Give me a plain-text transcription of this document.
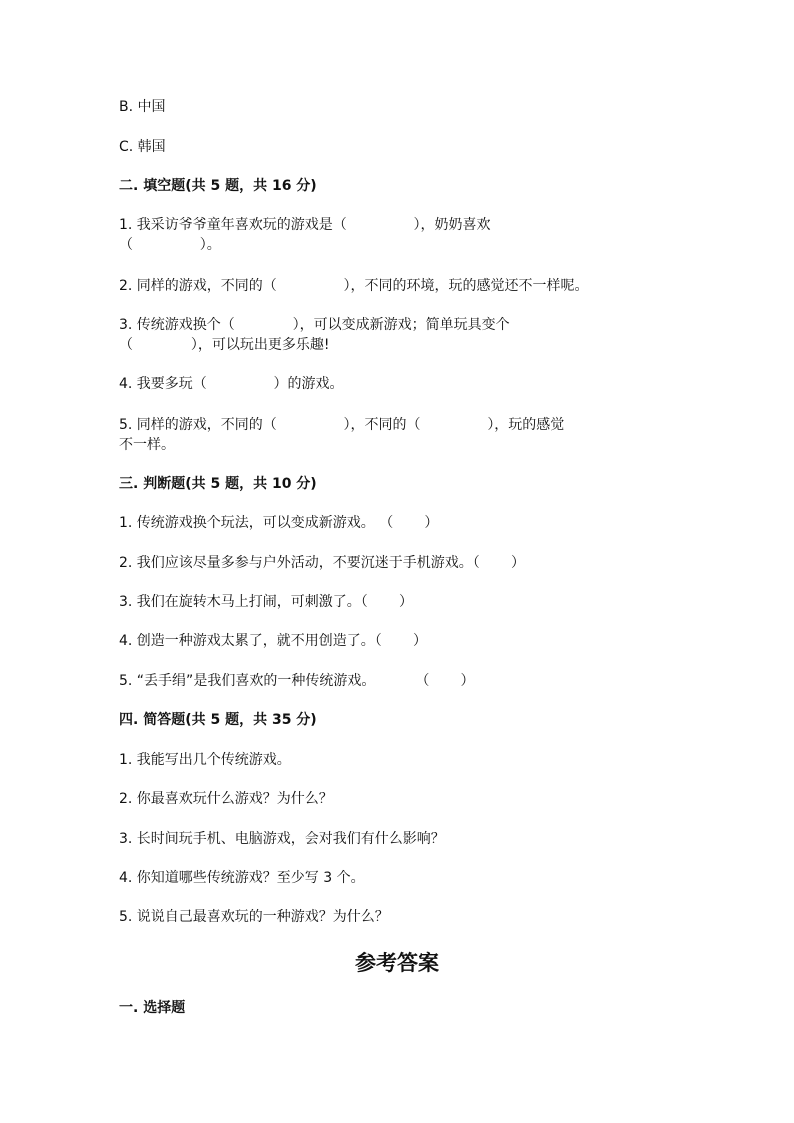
B. 中国
C. 韩国
二. 填空题(共 5 题，共 16 分)
1. 我采访爷爷童年喜欢玩的游戏是（               ），奶奶喜欢
（               ）。
2. 同样的游戏，不同的（               ），不同的环境，玩的感觉还不一样呢。
3. 传统游戏换个（             ），可以变成新游戏；简单玩具变个
（             ），可以玩出更多乐趣!
4. 我要多玩（               ）的游戏。
5. 同样的游戏，不同的（               ），不同的（               ），玩的感觉
不一样。
三. 判断题(共 5 题，共 10 分)
1. 传统游戏换个玩法，可以变成新游戏。 （       ）
2. 我们应该尽量多参与户外活动，不要沉迷于手机游戏。（       ）
3. 我们在旋转木马上打闹，可刺激了。（       ）
4. 创造一种游戏太累了，就不用创造了。（       ）
5. “丢手绢”是我们喜欢的一种传统游戏。         （       ）
四. 简答题(共 5 题，共 35 分)
1. 我能写出几个传统游戏。
2. 你最喜欢玩什么游戏？为什么？
3. 长时间玩手机、电脑游戏，会对我们有什么影响？
4. 你知道哪些传统游戏？至少写 3 个。
5. 说说自己最喜欢玩的一种游戏？为什么？
参考答案
一. 选择题
